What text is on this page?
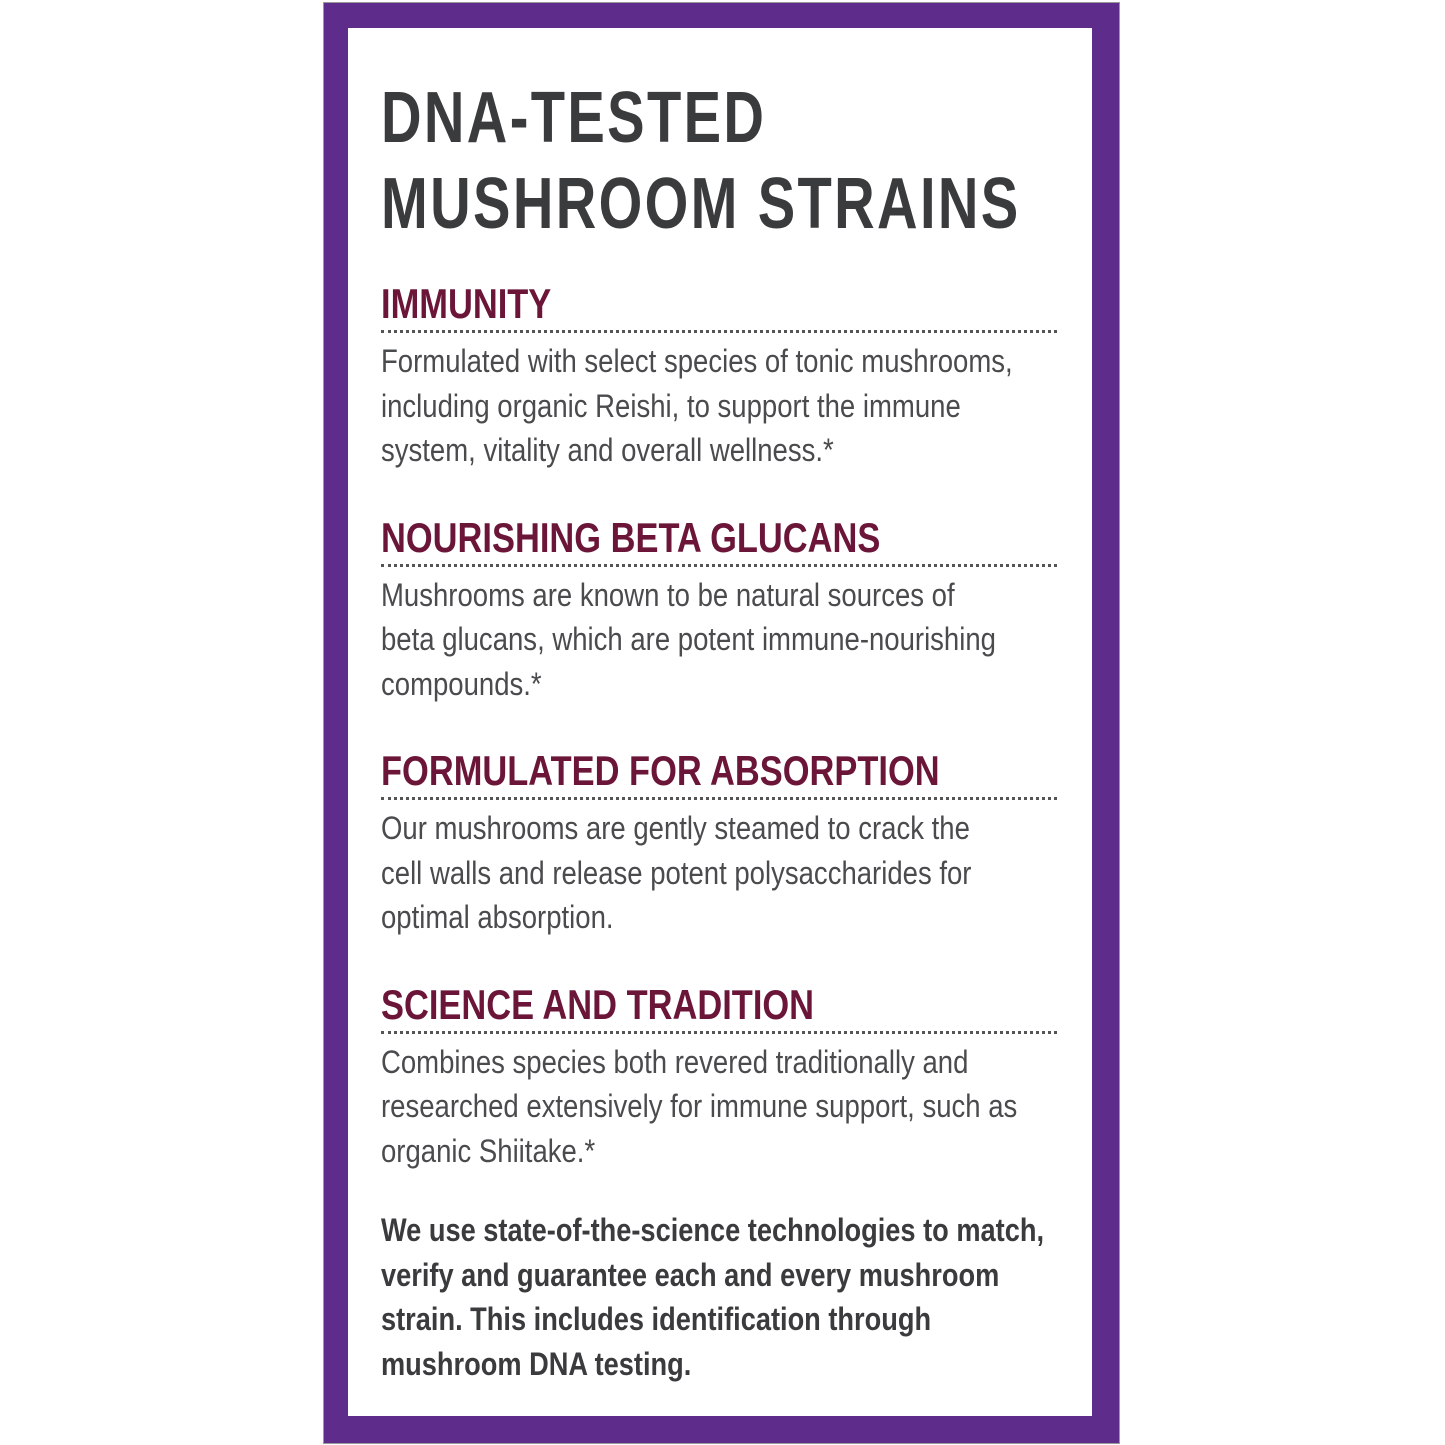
DNA-TESTED
MUSHROOM STRAINS
IMMUNITY
Formulated with select species of tonic mushrooms,
including organic Reishi, to support the immune
system, vitality and overall wellness.*
NOURISHING BETA GLUCANS
Mushrooms are known to be natural sources of
beta glucans, which are potent immune-nourishing
compounds.*
FORMULATED FOR ABSORPTION
Our mushrooms are gently steamed to crack the
cell walls and release potent polysaccharides for
optimal absorption.
SCIENCE AND TRADITION
Combines species both revered traditionally and
researched extensively for immune support, such as
organic Shiitake.*
We use state-of-the-science technologies to match,
verify and guarantee each and every mushroom
strain. This includes identification through
mushroom DNA testing.
